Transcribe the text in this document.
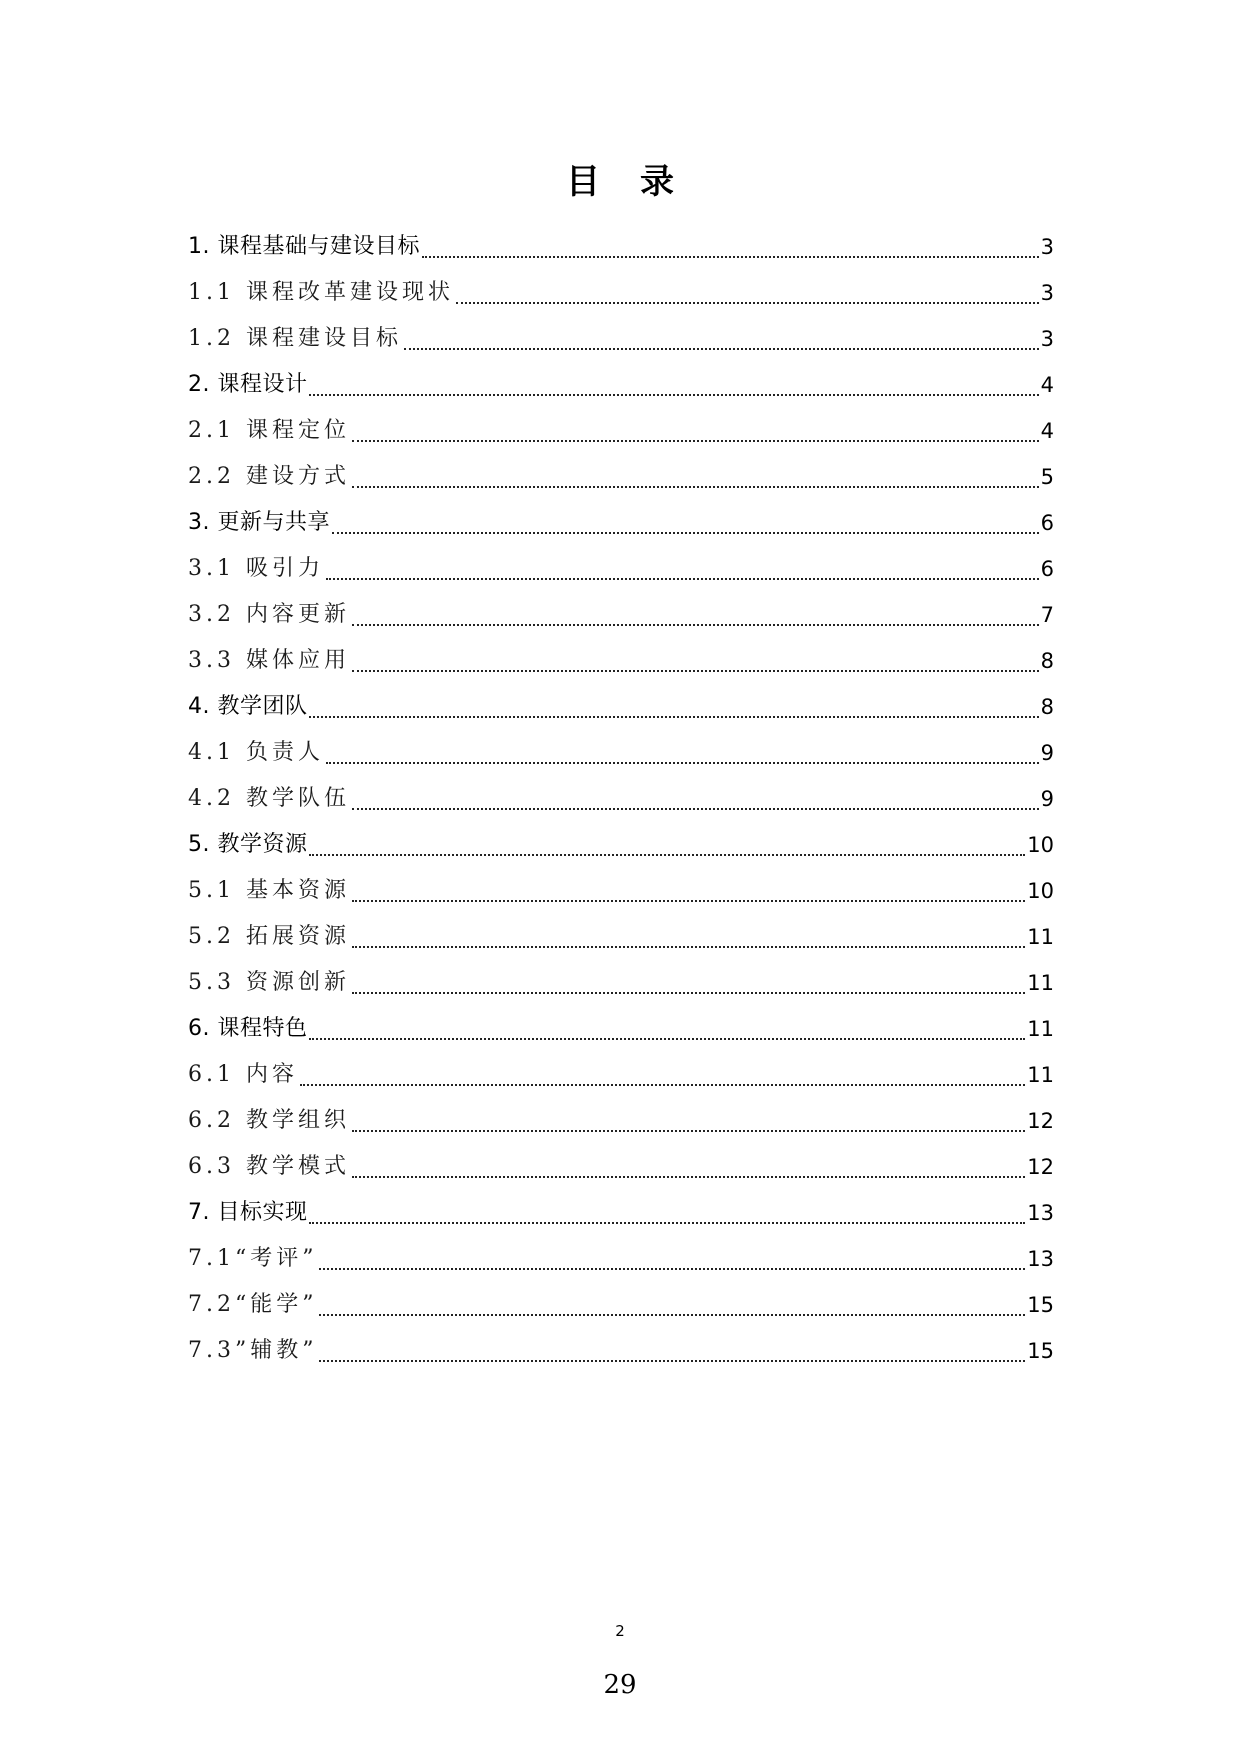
目录
1. 课程基础与建设目标	3
1.1 课程改革建设现状	3
1.2 课程建设目标	3
2. 课程设计	4
2.1 课程定位	4
2.2 建设方式	5
3. 更新与共享	6
3.1 吸引力	6
3.2 内容更新	7
3.3 媒体应用	8
4. 教学团队	8
4.1 负责人	9
4.2 教学队伍	9
5. 教学资源	10
5.1 基本资源	10
5.2 拓展资源	11
5.3 资源创新	11
6. 课程特色	11
6.1 内容	11
6.2 教学组织	12
6.3 教学模式	12
7. 目标实现	13
7.1“考评”	13
7.2“能学”	15
7.3”辅教”	15
2
29
